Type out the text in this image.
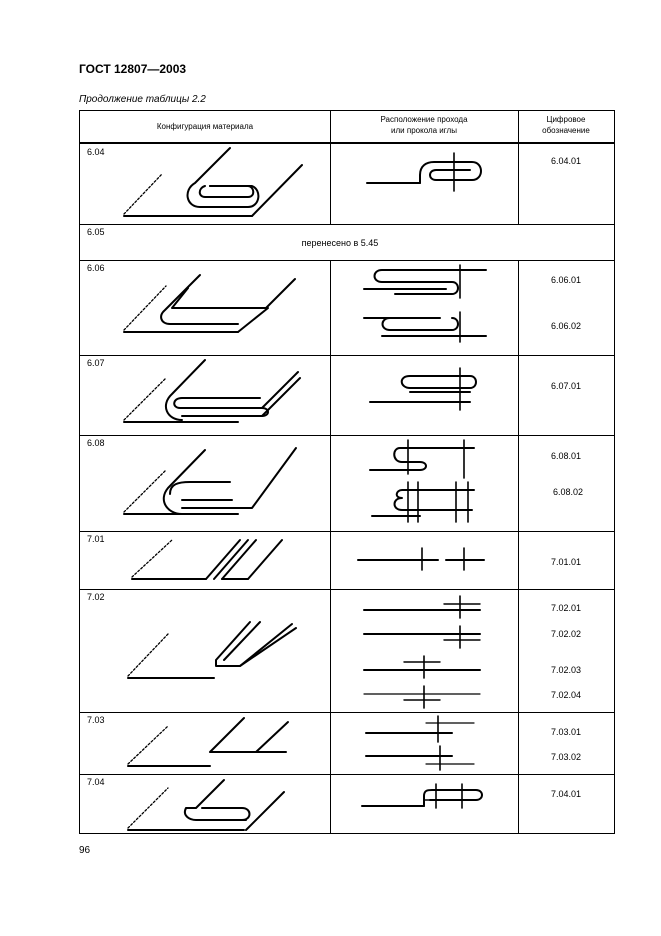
ГОСТ 12807—2003
Продолжение таблицы 2.2
Конфигурация материала
Расположение прохода
или прокола иглы
Цифровое
обозначение
6.04
6.05
6.06
6.07
6.08
7.01
7.02
7.03
7.04
перенесено в 5.45
6.04.01
6.06.01
6.06.02
6.07.01
6.08.01
6.08.02
7.01.01
7.02.01
7.02.02
7.02.03
7.02.04
7.03.01
7.03.02
7.04.01
96
